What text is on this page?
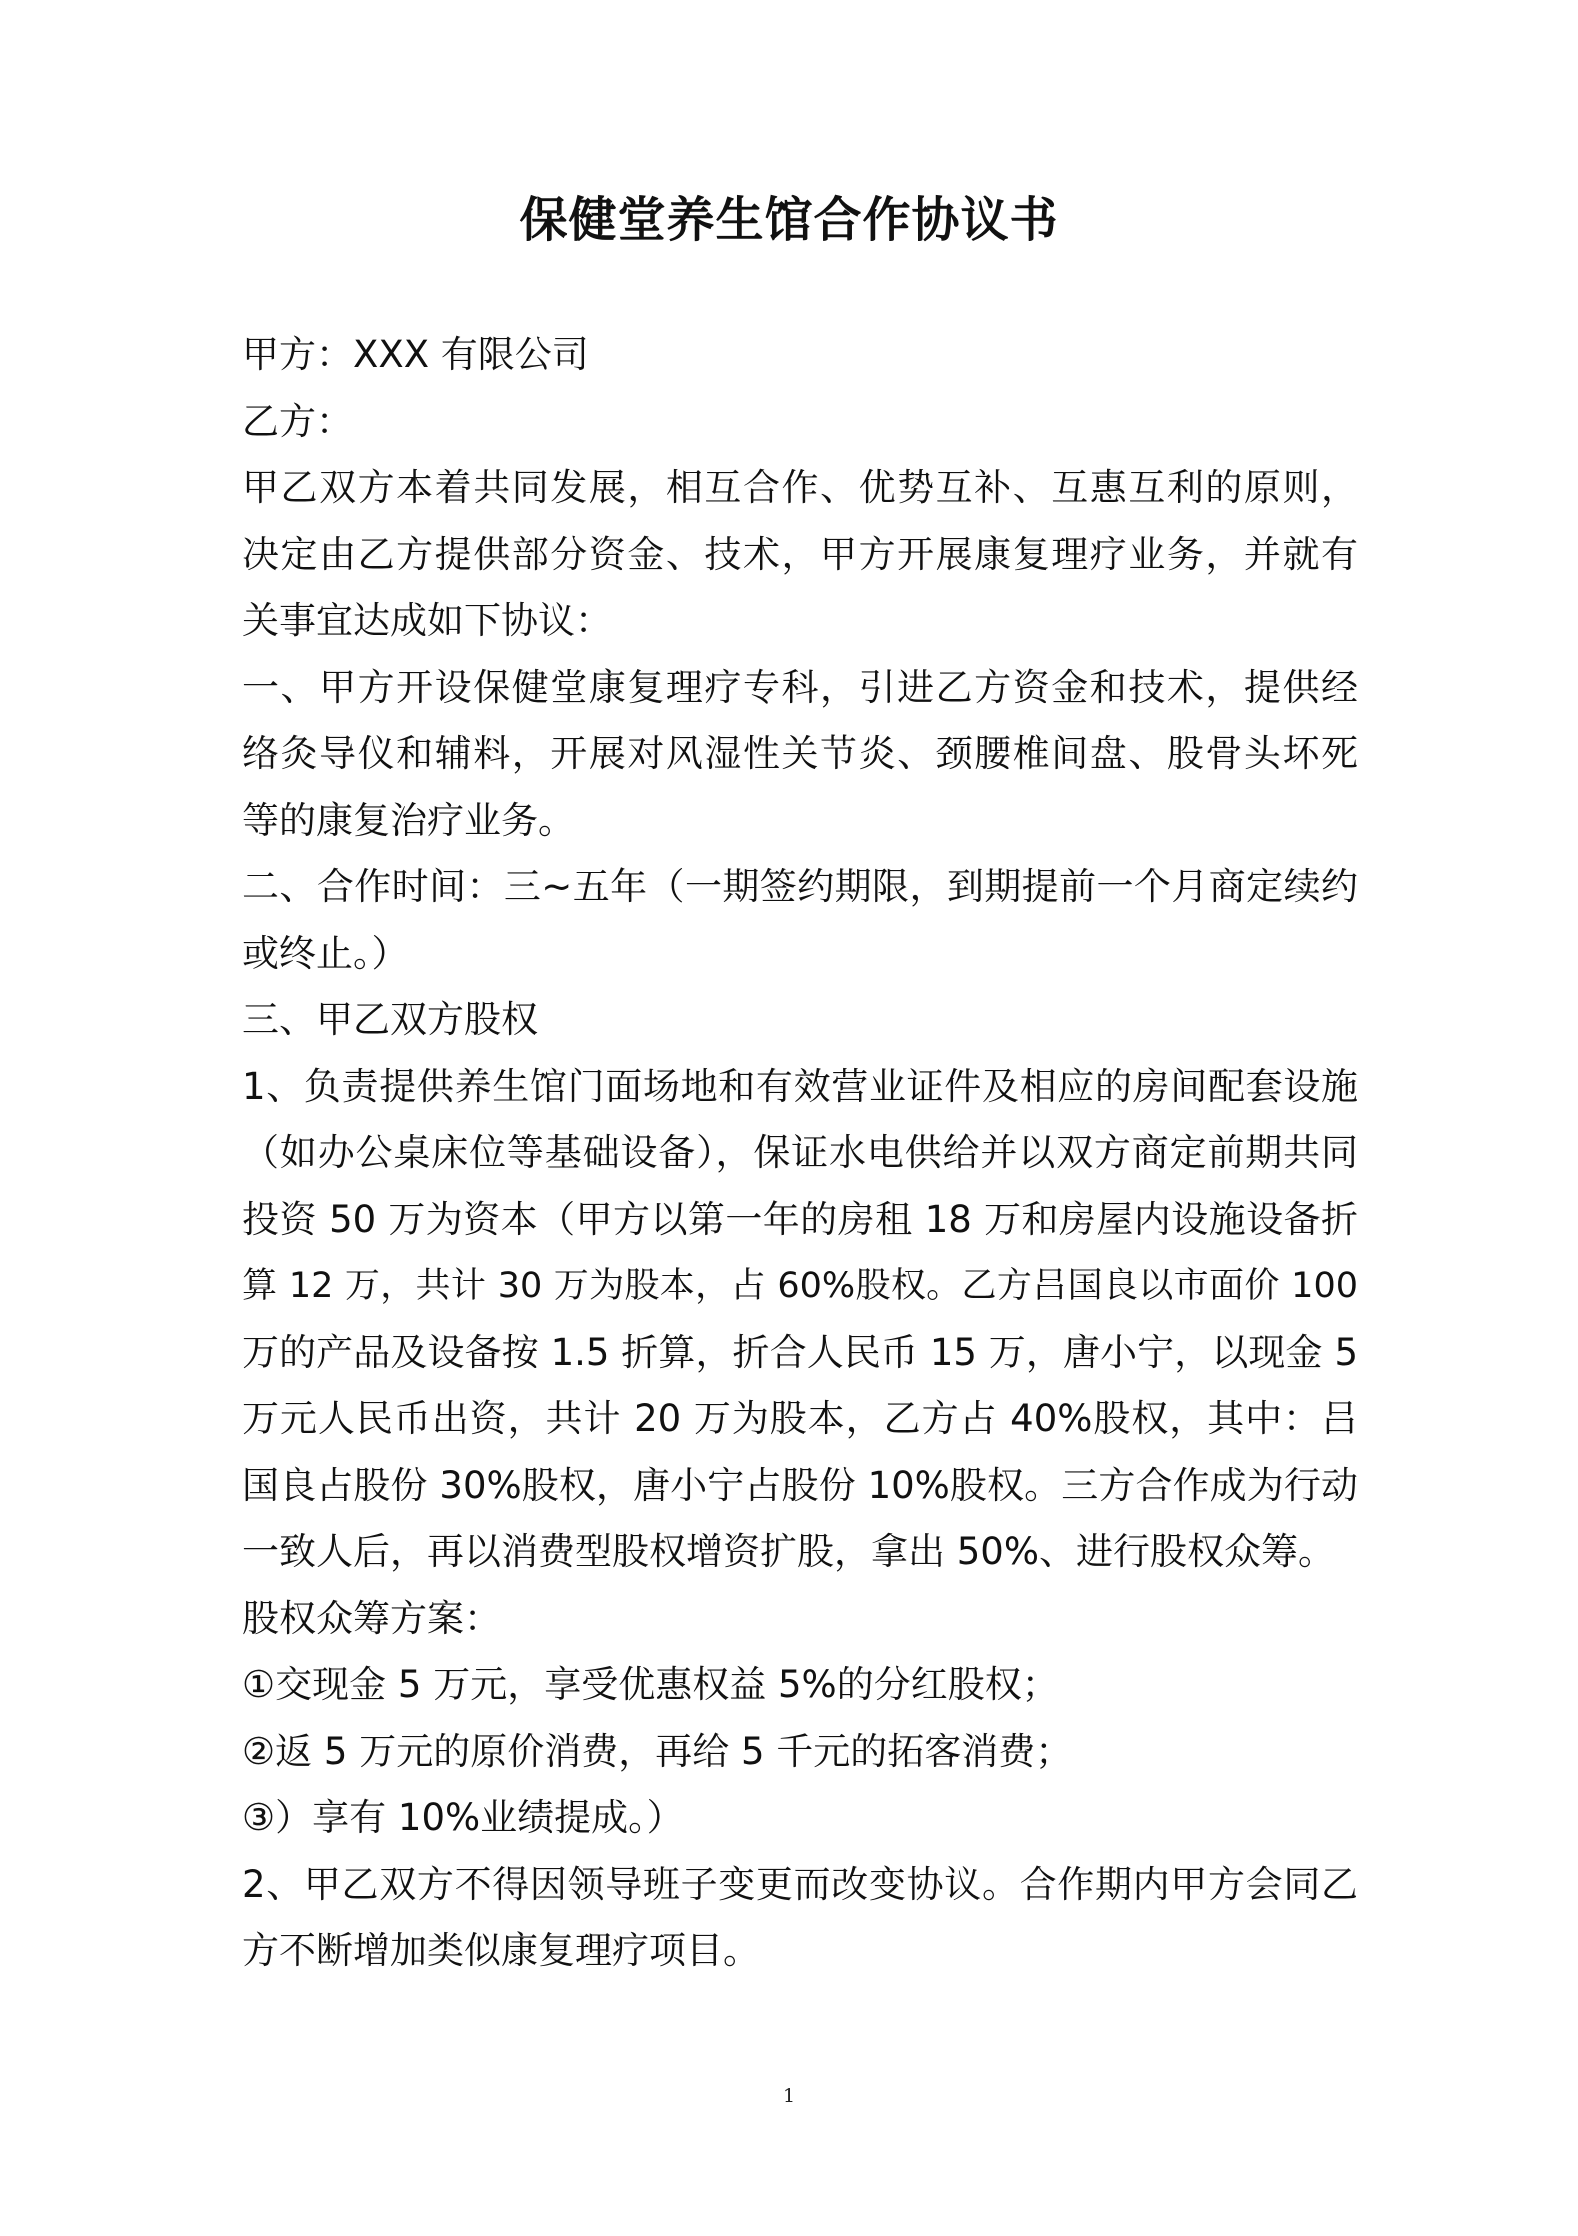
保健堂养生馆合作协议书

甲方：XXX 有限公司

乙方：

甲乙双方本着共同发展，相互合作、优势互补、互惠互利的原则，

决定由乙方提供部分资金、技术，甲方开展康复理疗业务，并就有

关事宜达成如下协议：

一、甲方开设保健堂康复理疗专科，引进乙方资金和技术，提供经

络灸导仪和辅料，开展对风湿性关节炎、颈腰椎间盘、股骨头坏死

等的康复治疗业务。

二、合作时间：三~五年（一期签约期限，到期提前一个月商定续约

或终止。）

三、甲乙双方股权

1、负责提供养生馆门面场地和有效营业证件及相应的房间配套设施

（如办公桌床位等基础设备），保证水电供给并以双方商定前期共同

投资 50 万为资本（甲方以第一年的房租 18 万和房屋内设施设备折

算 12 万，共计 30 万为股本，占 60%股权。乙方吕国良以市面价 100

万的产品及设备按 1.5 折算，折合人民币 15 万，唐小宁，以现金 5

万元人民币出资，共计 20 万为股本，乙方占 40%股权，其中：吕

国良占股份 30%股权，唐小宁占股份 10%股权。三方合作成为行动

一致人后，再以消费型股权增资扩股，拿出 50%、进行股权众筹。

股权众筹方案：

①交现金 5 万元，享受优惠权益 5%的分红股权；

②返 5 万元的原价消费，再给 5 千元的拓客消费；

③）享有 10%业绩提成。）

2、甲乙双方不得因领导班子变更而改变协议。合作期内甲方会同乙

方不断增加类似康复理疗项目。

1
